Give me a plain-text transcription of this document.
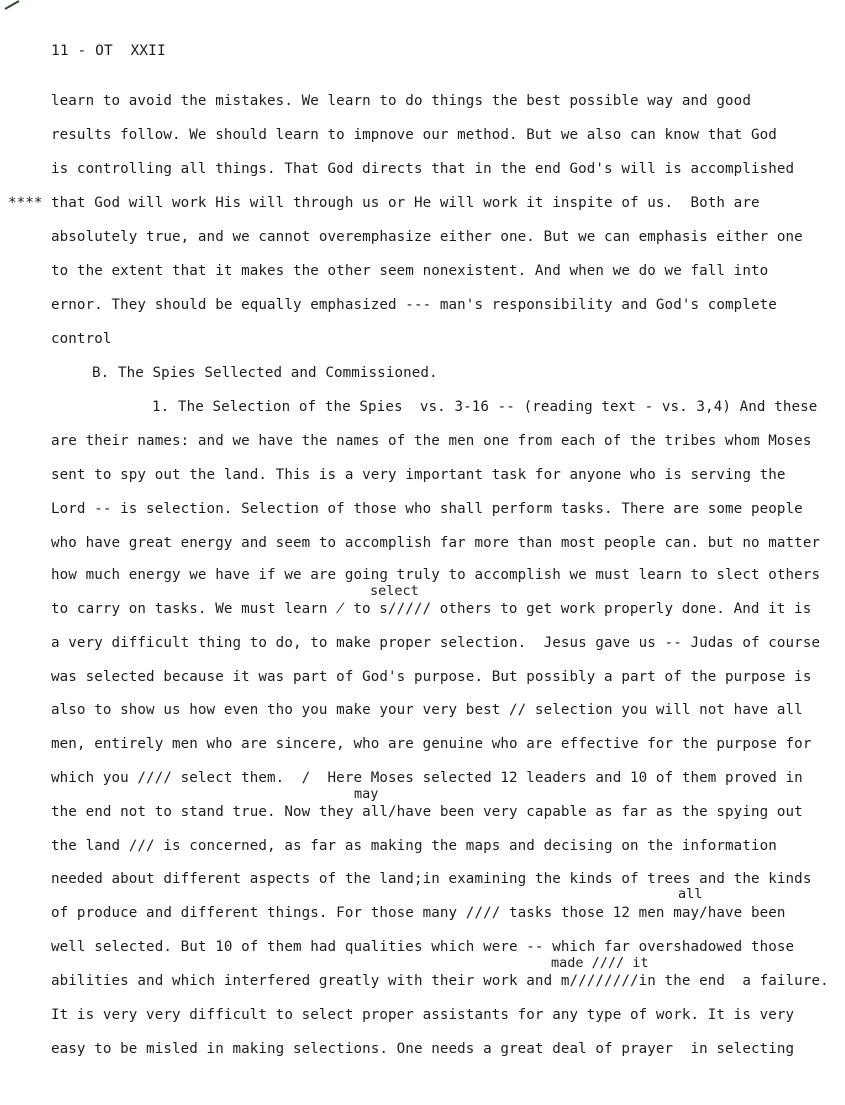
11 - OT  XXII
learn to avoid the mistakes. We learn to do things the best possible way and good
results follow. We should learn to impnove our method. But we also can know that God
is controlling all things. That God directs that in the end God's will is accomplished
**** that God will work His will through us or He will work it inspite of us.  Both are
absolutely true, and we cannot overemphasize either one. But we can emphasis either one
to the extent that it makes the other seem nonexistent. And when we do we fall into
ernor. They should be equally emphasized --- man's responsibility and God's complete
control
B. The Spies Sellected and Commissioned.
1. The Selection of the Spies  vs. 3-16 -- (reading text - vs. 3,4) And these
are their names: and we have the names of the men one from each of the tribes whom Moses
sent to spy out the land. This is a very important task for anyone who is serving the
Lord -- is selection. Selection of those who shall perform tasks. There are some people
who have great energy and seem to accomplish far more than most people can. but no matter
how much energy we have if we are going truly to accomplish we must learn to slect others
select
to carry on tasks. We must learn ̸ to s∕∕∕∕∕ others to get work properly done. And it is
a very difficult thing to do, to make proper selection.  Jesus gave us -- Judas of course
was selected because it was part of God's purpose. But possibly a part of the purpose is
also to show us how even tho you make your very best ∕∕ selection you will not have all
men, entirely men who are sincere, who are genuine who are effective for the purpose for
which you ∕∕∕/ select them.  ∕  Here Moses selected 12 leaders and 10 of them proved in
may
the end not to stand true. Now they all/have been very capable as far as the spying out
the land ∕∕/ is concerned, as far as making the maps and decising on the information
needed about different aspects of the land;in examining the kinds of trees and the kinds
all
of produce and different things. For those many ∕∕∕/ tasks those 12 men may/have been
well selected. But 10 of them had qualities which were -- which far overshadowed those
made ∕∕∕/ it
abilities and which interfered greatly with their work and m∕∕/∕∕∕∕/in the end  a failure.
It is very very difficult to select proper assistants for any type of work. It is very
easy to be misled in making selections. One needs a great deal of prayer  in selecting
